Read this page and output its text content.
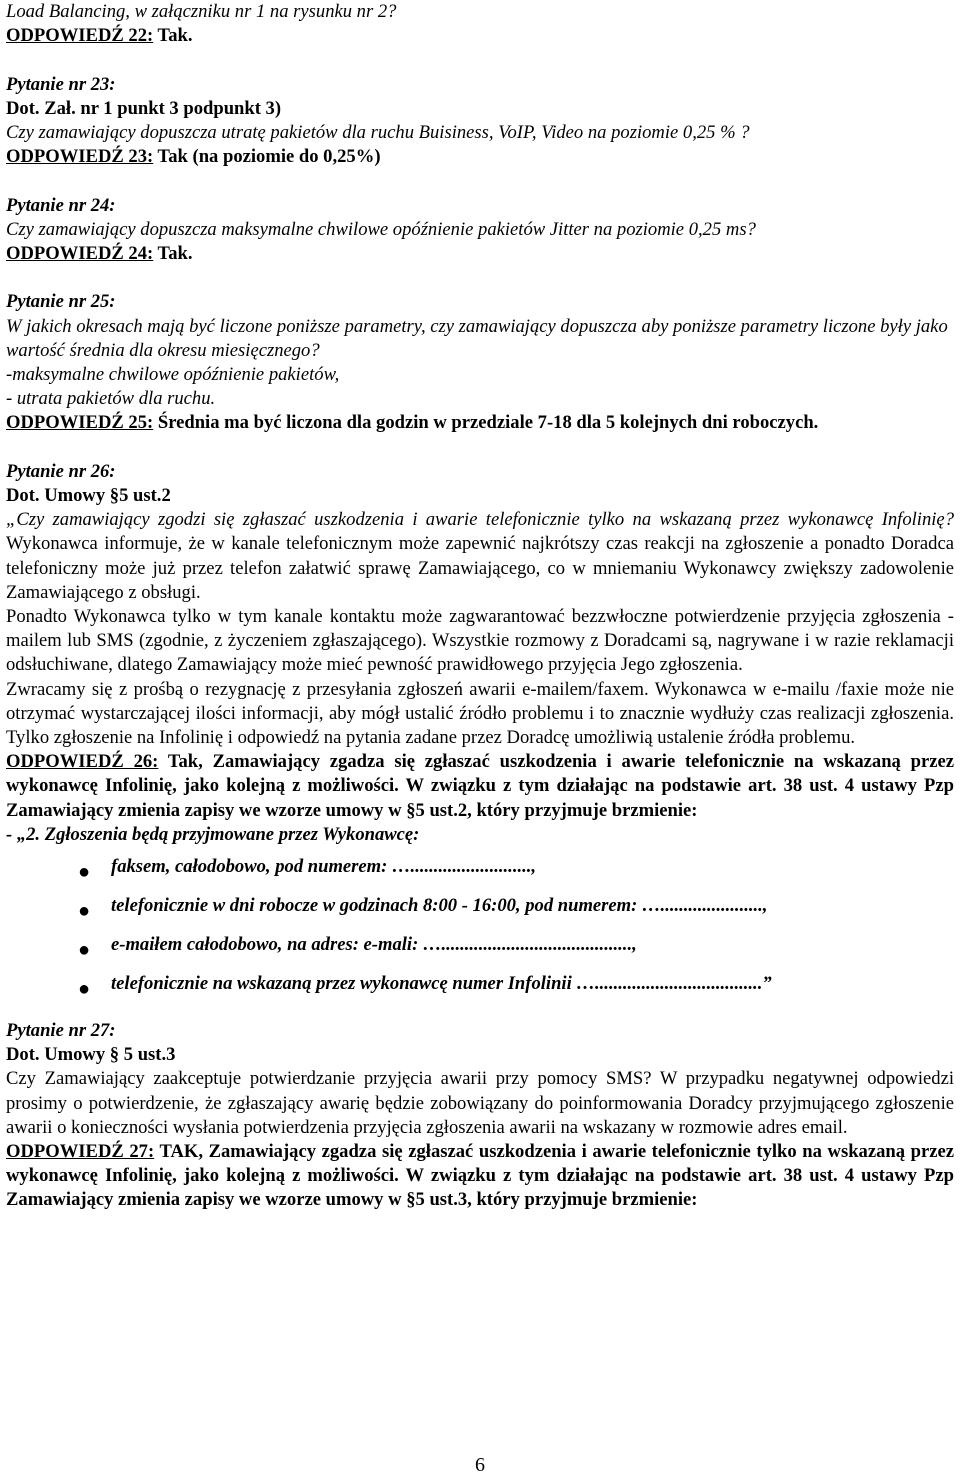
Load Balancing, w załączniku nr 1 na rysunku nr 2?

ODPOWIEDŹ 22: Tak.

Pytanie nr 23:

Dot. Zał. nr 1 punkt 3 podpunkt 3)

Czy zamawiający dopuszcza utratę pakietów dla ruchu Buisiness, VoIP, Video na poziomie 0,25 % ?

ODPOWIEDŹ 23: Tak (na poziomie do 0,25%)

Pytanie nr 24:

Czy zamawiający dopuszcza maksymalne chwilowe opóźnienie pakietów Jitter na poziomie 0,25 ms?

ODPOWIEDŹ 24: Tak.

Pytanie nr 25:

W jakich okresach mają być liczone poniższe parametry, czy zamawiający dopuszcza aby poniższe parametry liczone były jako wartość średnia dla okresu miesięcznego?

-maksymalne chwilowe opóźnienie pakietów,

- utrata pakietów dla ruchu.

ODPOWIEDŹ 25: Średnia ma być liczona dla godzin w przedziale 7-18 dla 5 kolejnych dni roboczych.

Pytanie nr 26:

Dot. Umowy §5 ust.2

„Czy zamawiający zgodzi się zgłaszać uszkodzenia i awarie telefonicznie tylko na wskazaną przez wykonawcę Infolinię? Wykonawca informuje, że w kanale telefonicznym może zapewnić najkrótszy czas reakcji na zgłoszenie a ponadto Doradca telefoniczny może już przez telefon załatwić sprawę Zamawiającego, co w mniemaniu Wykonawcy zwiększy zadowolenie Zamawiającego z obsługi.

Ponadto Wykonawca tylko w tym kanale kontaktu może zagwarantować bezzwłoczne potwierdzenie przyjęcia zgłoszenia - mailem lub SMS (zgodnie, z życzeniem zgłaszającego). Wszystkie rozmowy z Doradcami są, nagrywane i w razie reklamacji odsłuchiwane, dlatego Zamawiający może mieć pewność prawidłowego przyjęcia Jego zgłoszenia.

Zwracamy się z prośbą o rezygnację z przesyłania zgłoszeń awarii e-mailem/faxem. Wykonawca w e-mailu /faxie może nie otrzymać wystarczającej ilości informacji, aby mógł ustalić źródło problemu i to znacznie wydłuży czas realizacji zgłoszenia. Tylko zgłoszenie na Infolinię i odpowiedź na pytania zadane przez Doradcę umożliwią ustalenie źródła problemu.

ODPOWIEDŹ 26: Tak, Zamawiający zgadza się zgłaszać uszkodzenia i awarie telefonicznie na wskazaną przez wykonawcę Infolinię, jako kolejną z możliwości. W związku z tym działając na podstawie art. 38 ust. 4 ustawy Pzp Zamawiający zmienia zapisy we wzorze umowy w §5 ust.2, który przyjmuje brzmienie:

- „2. Zgłoszenia będą przyjmowane przez Wykonawcę:

● faksem, całodobowo, pod numerem: …..........................,
● telefonicznie w dni robocze w godzinach 8:00 - 16:00, pod numerem: …......................,
● e-maiłem całodobowo, na adres: e-mali: ….........................................,
● telefonicznie na wskazaną przez wykonawcę numer Infolinii …....................................”

Pytanie nr 27:

Dot. Umowy § 5 ust.3

Czy Zamawiający zaakceptuje potwierdzanie przyjęcia awarii przy pomocy SMS? W przypadku negatywnej odpowiedzi prosimy o potwierdzenie, że zgłaszający awarię będzie zobowiązany do poinformowania Doradcy przyjmującego zgłoszenie awarii o konieczności wysłania potwierdzenia przyjęcia zgłoszenia awarii na wskazany w rozmowie adres email.

ODPOWIEDŹ 27: TAK, Zamawiający zgadza się zgłaszać uszkodzenia i awarie telefonicznie tylko na wskazaną przez wykonawcę Infolinię, jako kolejną z możliwości. W związku z tym działając na podstawie art. 38 ust. 4 ustawy Pzp Zamawiający zmienia zapisy we wzorze umowy w §5 ust.3, który przyjmuje brzmienie:

6
